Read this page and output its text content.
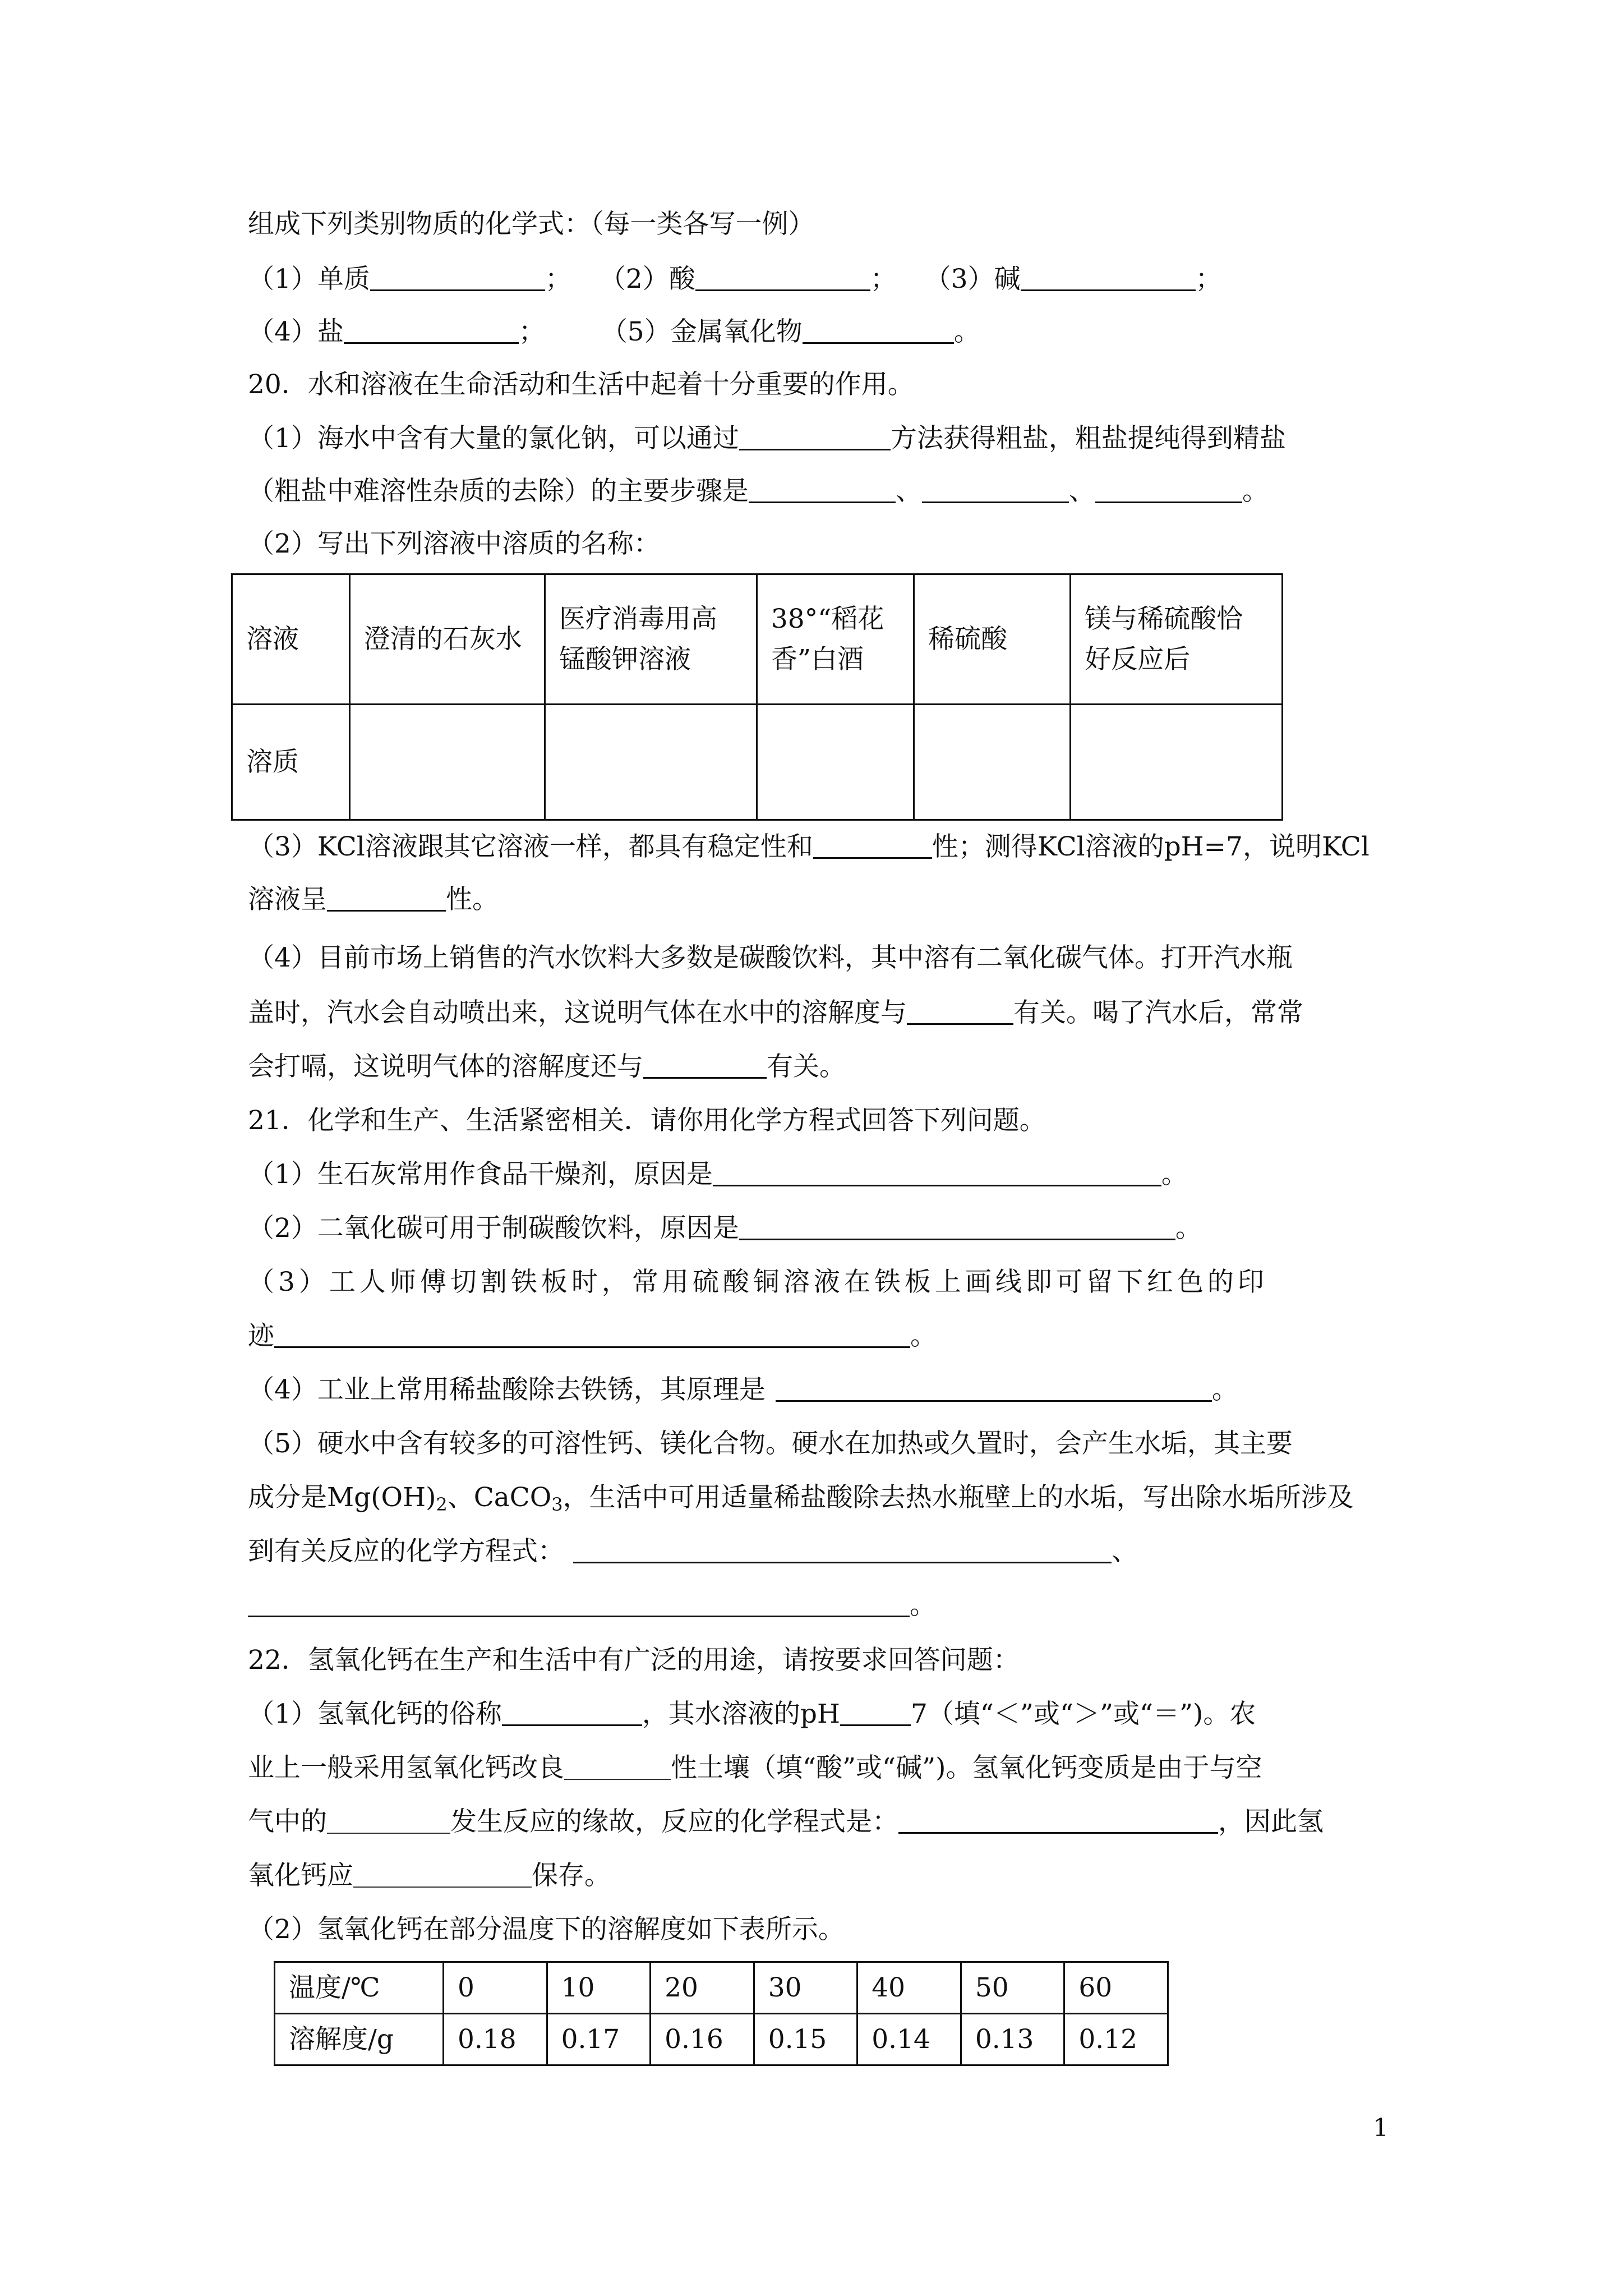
组成下列类别物质的化学式：（每一类各写一例）
（1）单质	； （2）酸	； （3）碱	；
（4）盐	； （5）金属氧化物	。
20．水和溶液在生命活动和生活中起着十分重要的作用。
（1）海水中含有大量的氯化钠，可以通过	方法获得粗盐，粗盐提纯得到精盐
（粗盐中难溶性杂质的去除）的主要步骤是	、	、	。
（2）写出下列溶液中溶质的名称：
溶液	澄清的石灰水	医疗消毒用高锰酸钾溶液	38°“稻花香”白酒	稀硫酸	镁与稀硫酸恰好反应后
溶质					
（3）KCl溶液跟其它溶液一样，都具有稳定性和	性；测得KCl溶液的pH=7，说明KCl
溶液呈	性。
（4）目前市场上销售的汽水饮料大多数是碳酸饮料，其中溶有二氧化碳气体。打开汽水瓶
盖时，汽水会自动喷出来，这说明气体在水中的溶解度与	有关。喝了汽水后，常常
会打嗝，这说明气体的溶解度还与	有关。
21．化学和生产、生活紧密相关．请你用化学方程式回答下列问题。
（1）生石灰常用作食品干燥剂，原因是	。
（2）二氧化碳可用于制碳酸饮料，原因是	。
（3）工人师傅切割铁板时，常用硫酸铜溶液在铁板上画线即可留下红色的印
迹	。
（4）工业上常用稀盐酸除去铁锈，其原理是	。
（5）硬水中含有较多的可溶性钙、镁化合物。硬水在加热或久置时，会产生水垢，其主要
成分是$Mg(OH)_2$、CaCO$_3$，生活中可用适量稀盐酸除去热水瓶壁上的水垢，写出除水垢所涉及
到有关反应的化学方程式：	、
。
22．氢氧化钙在生产和生活中有广泛的用途，请按要求回答问题：
（1）氢氧化钙的俗称	，其水溶液的pH	7（填“＜”或“＞”或“＝”)。农
业上一般采用氢氧化钙改良	性土壤（填“酸”或“碱”)。氢氧化钙变质是由于与空
气中的	发生反应的缘故，反应的化学程式是：	，因此氢
氧化钙应	保存。
（2）氢氧化钙在部分温度下的溶解度如下表所示。
温度/℃	0	10	20	30	40	50	60
溶解度/g	0.18	0.17	0.16	0.15	0.14	0.13	0.12
1
